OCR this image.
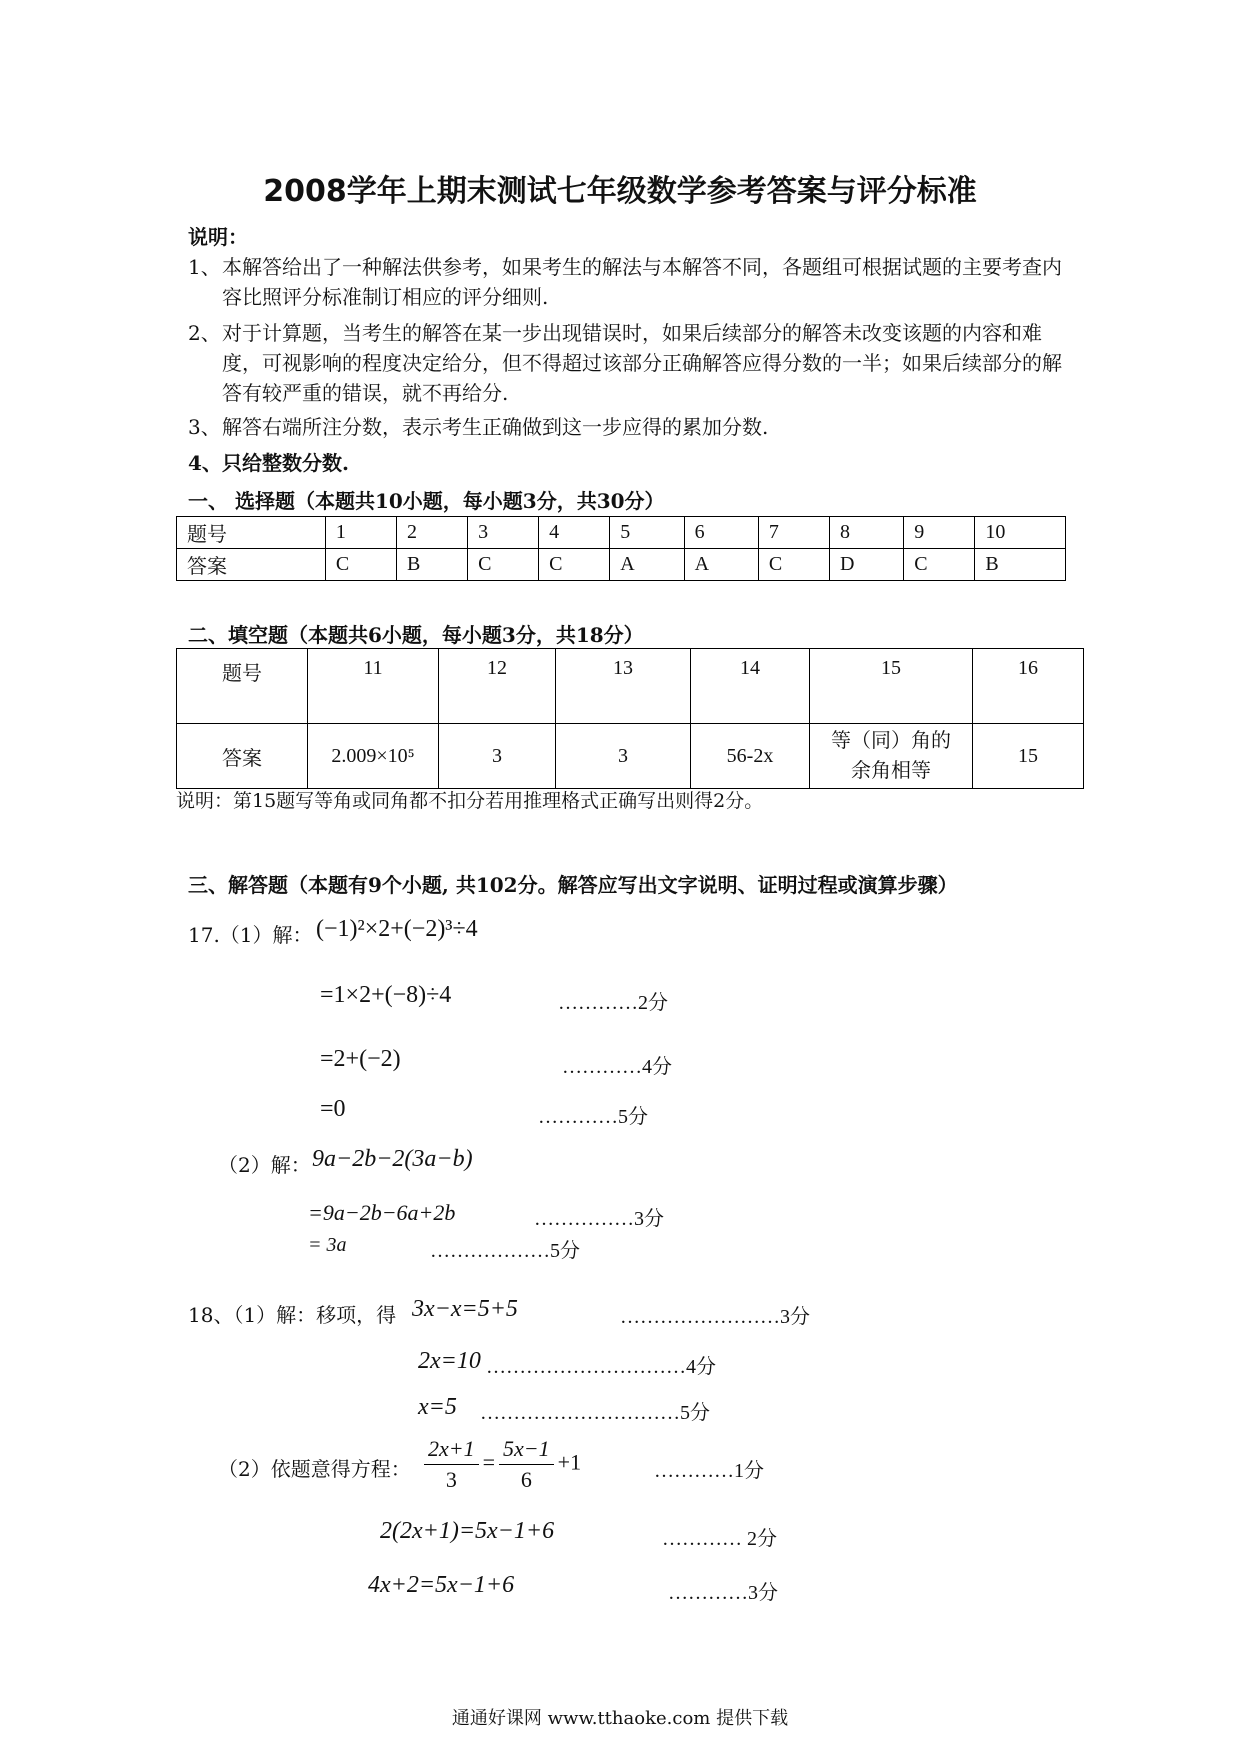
2008学年上期末测试七年级数学参考答案与评分标准
说明：
1、 本解答给出了一种解法供参考，如果考生的解法与本解答不同，各题组可根据试题的主要考查内容比照评分标准制订相应的评分细则.
2、 对于计算题，当考生的解答在某一步出现错误时，如果后续部分的解答未改变该题的内容和难度，可视影响的程度决定给分，但不得超过该部分正确解答应得分数的一半；如果后续部分的解答有较严重的错误，就不再给分.
3、 解答右端所注分数，表示考生正确做到这一步应得的累加分数.
4、 只给整数分数.
一、 选择题（本题共10小题，每小题3分，共30分）
题号	1	2	3	4	5	6	7	8	9	10
答案	C	B	C	C	A	A	C	D	C	B
二、填空题（本题共6小题，每小题3分，共18分）
题号	11	12	13	14	15	16
答案	2.009×10⁵	3	3	56-2x	等（同）角的余角相等	15
说明：第15题写等角或同角都不扣分若用推理格式正确写出则得2分。
三、解答题（本题有9个小题, 共102分。解答应写出文字说明、证明过程或演算步骤）
17.（1）解： (−1)²×2+(−2)³÷4
=1×2+(−8)÷4	…………2分
=2+(−2)	…………4分
=0	…………5分
（2）解： 9a−2b−2(3a−b)
=9a−2b−6a+2b	……………3分
= 3a	………………5分
18、（1）解：移项，得 3x−x=5+5	……………………3分
2x=10 …………………………4分
x=5 …………………………5分
（2）依题意得方程： $\frac{2x+1}{3} = \frac{5x-1}{6} +1$	…………1分
2(2x+1)=5x−1+6	………… 2分
4x+2=5x−1+6	…………3分
通通好课网 www.tthaoke.com 提供下载
